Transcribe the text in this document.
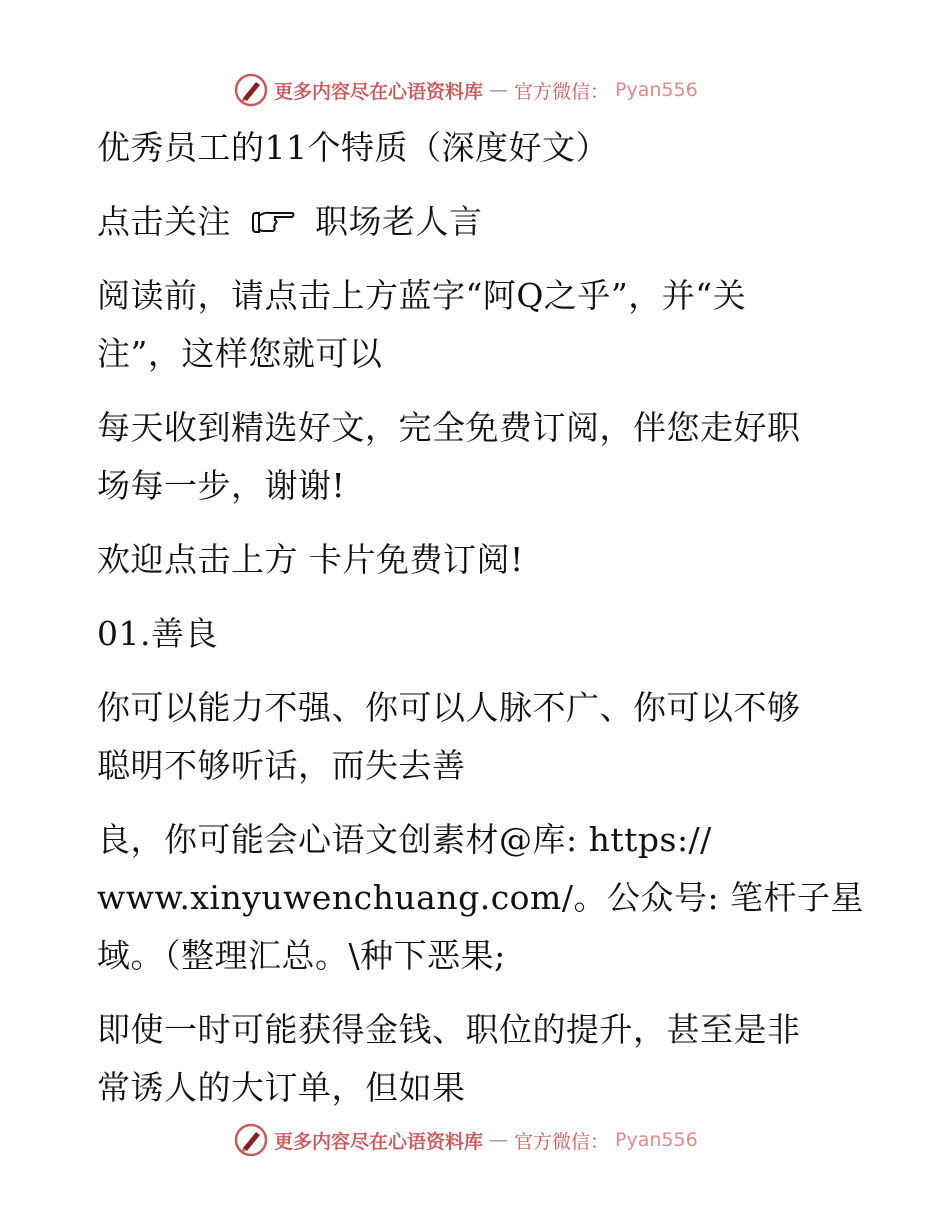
更多内容尽在心语资料库 — 官方微信： Pyan556
优秀员工的11个特质（深度好文）
点击关注	职场老人言
阅读前，请点击上方蓝字“阿Q之乎”，并“关
注”，这样您就可以
每天收到精选好文，完全免费订阅，伴您走好职
场每一步，谢谢!
欢迎点击上方 卡片免费订阅!
01.善良
你可以能力不强、你可以人脉不广、你可以不够
聪明不够听话，而失去善
良，你可能会心语文创素材@库: https://
www.xinyuwenchuang.com/。公众号: 笔杆子星
域。（整理汇总。\种下恶果;
即使一时可能获得金钱、职位的提升，甚至是非
常诱人的大订单，但如果
更多内容尽在心语资料库 — 官方微信： Pyan556
